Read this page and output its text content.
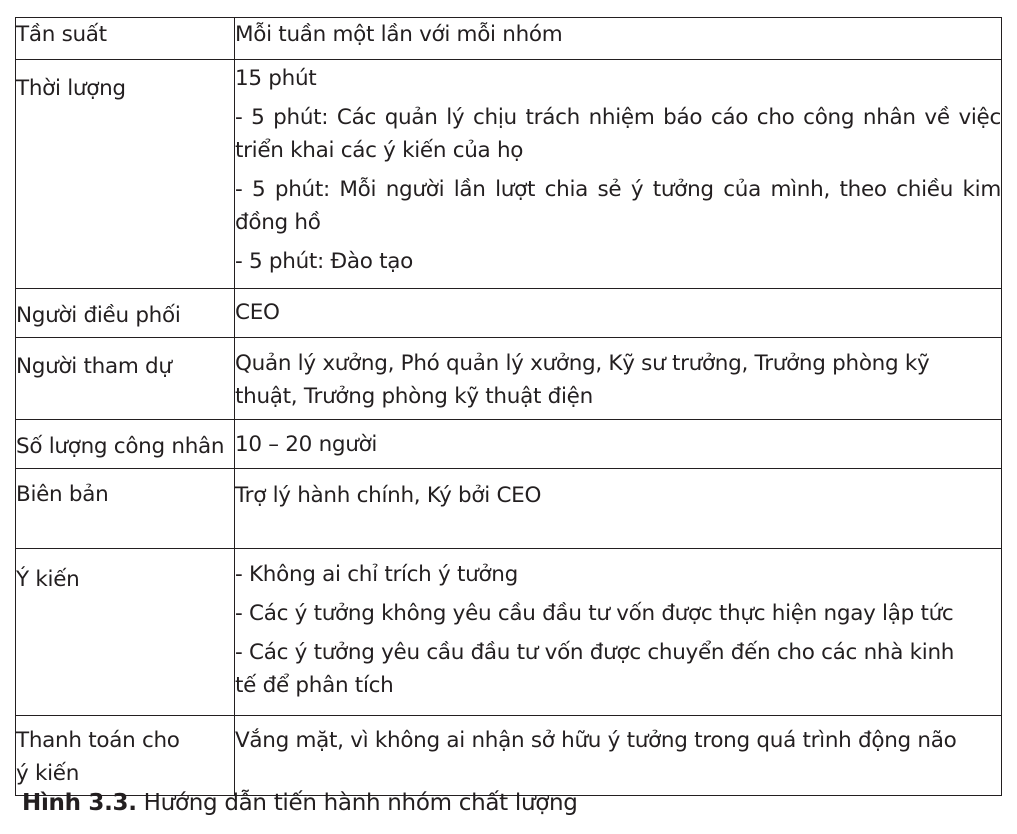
Tần suất	Mỗi tuần một lần với mỗi nhóm

Thời lượng	15 phút

- 5 phút: Các quản lý chịu trách nhiệm báo cáo cho công nhân về việc triển khai các ý kiến của họ

- 5 phút: Mỗi người lần lượt chia sẻ ý tưởng của mình, theo chiều kim đồng hồ

- 5 phút: Đào tạo

Người điều phối	CEO

Người tham dự	Quản lý xưởng, Phó quản lý xưởng, Kỹ sư trưởng, Trưởng phòng kỹ thuật, Trưởng phòng kỹ thuật điện

Số lượng công nhân	10 – 20 người

Biên bản	Trợ lý hành chính, Ký bởi CEO

Ý kiến	- Không ai chỉ trích ý tưởng

- Các ý tưởng không yêu cầu đầu tư vốn được thực hiện ngay lập tức

- Các ý tưởng yêu cầu đầu tư vốn được chuyển đến cho các nhà kinh tế để phân tích

Thanh toán cho ý kiến	Vắng mặt, vì không ai nhận sở hữu ý tưởng trong quá trình động não

Hình 3.3. Hướng dẫn tiến hành nhóm chất lượng
